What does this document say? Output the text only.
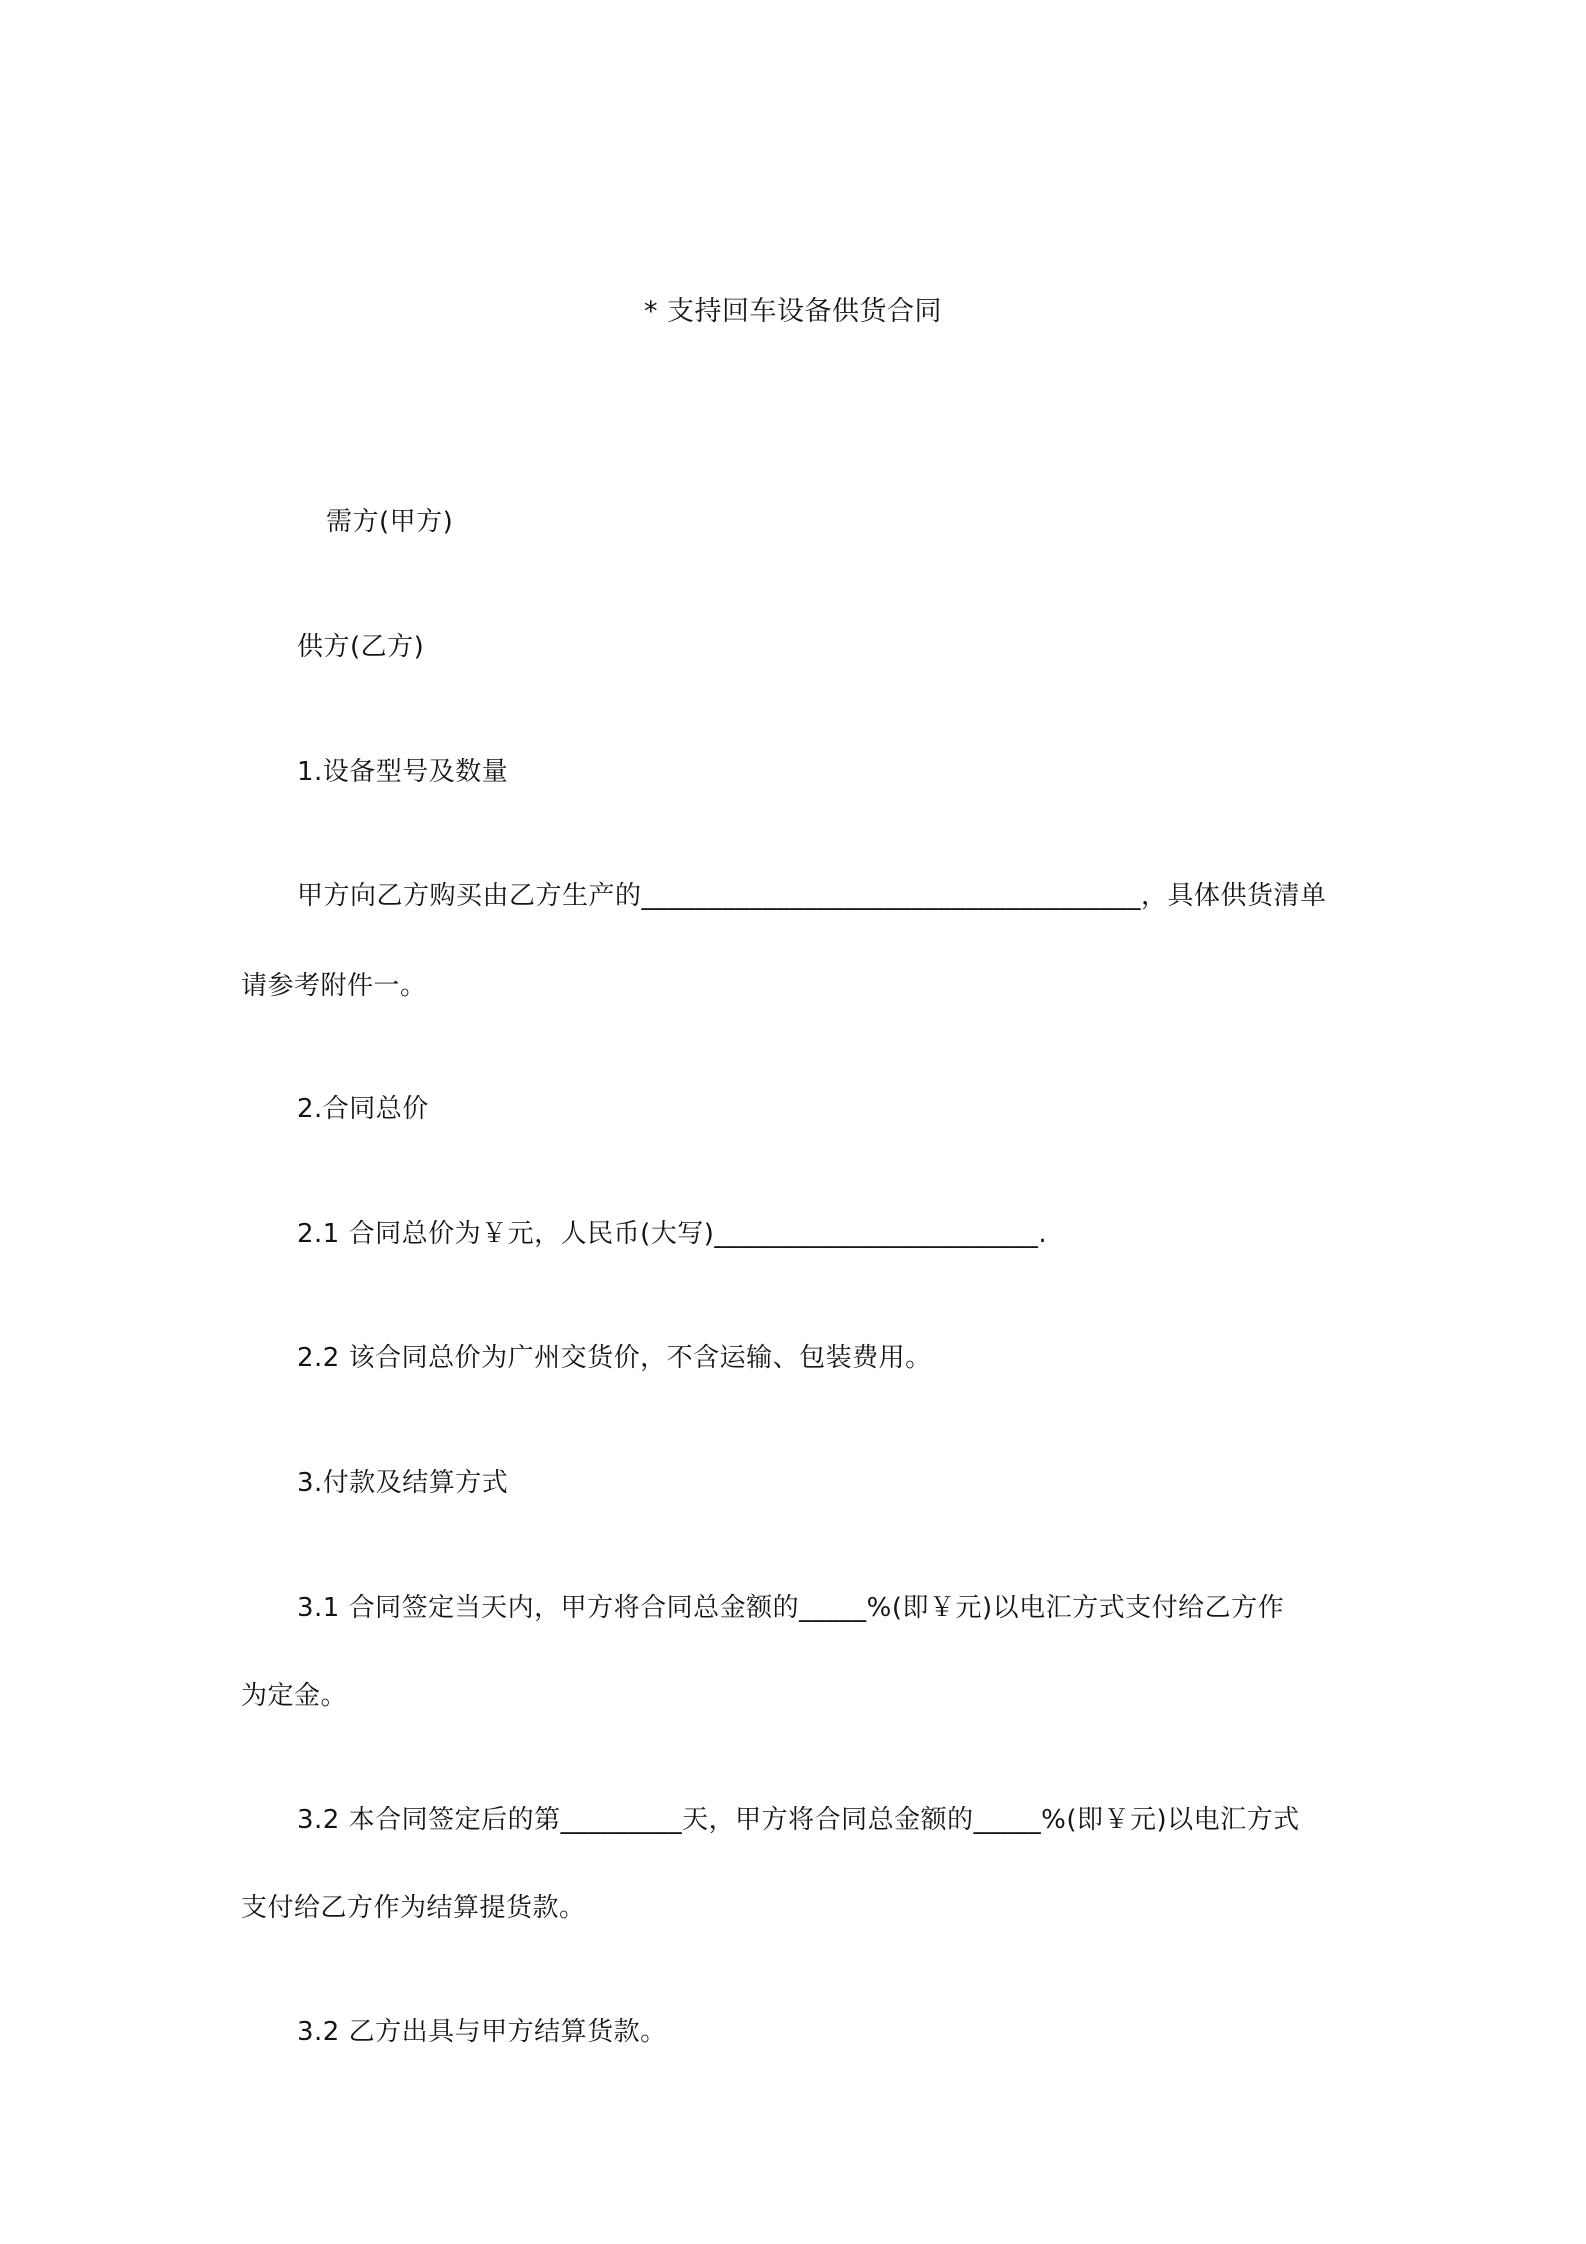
* 支持回车设备供货合同
需方(甲方)
供方(乙方)
1.设备型号及数量
甲方向乙方购买由乙方生产的_____________________________________，具体供货清单
请参考附件一。
2.合同总价
2.1 合同总价为￥元，人民币(大写)________________________.
2.2 该合同总价为广州交货价，不含运输、包装费用。
3.付款及结算方式
3.1 合同签定当天内，甲方将合同总金额的_____%(即￥元)以电汇方式支付给乙方作
为定金。
3.2 本合同签定后的第_________天，甲方将合同总金额的_____%(即￥元)以电汇方式
支付给乙方作为结算提货款。
3.2 乙方出具与甲方结算货款。
